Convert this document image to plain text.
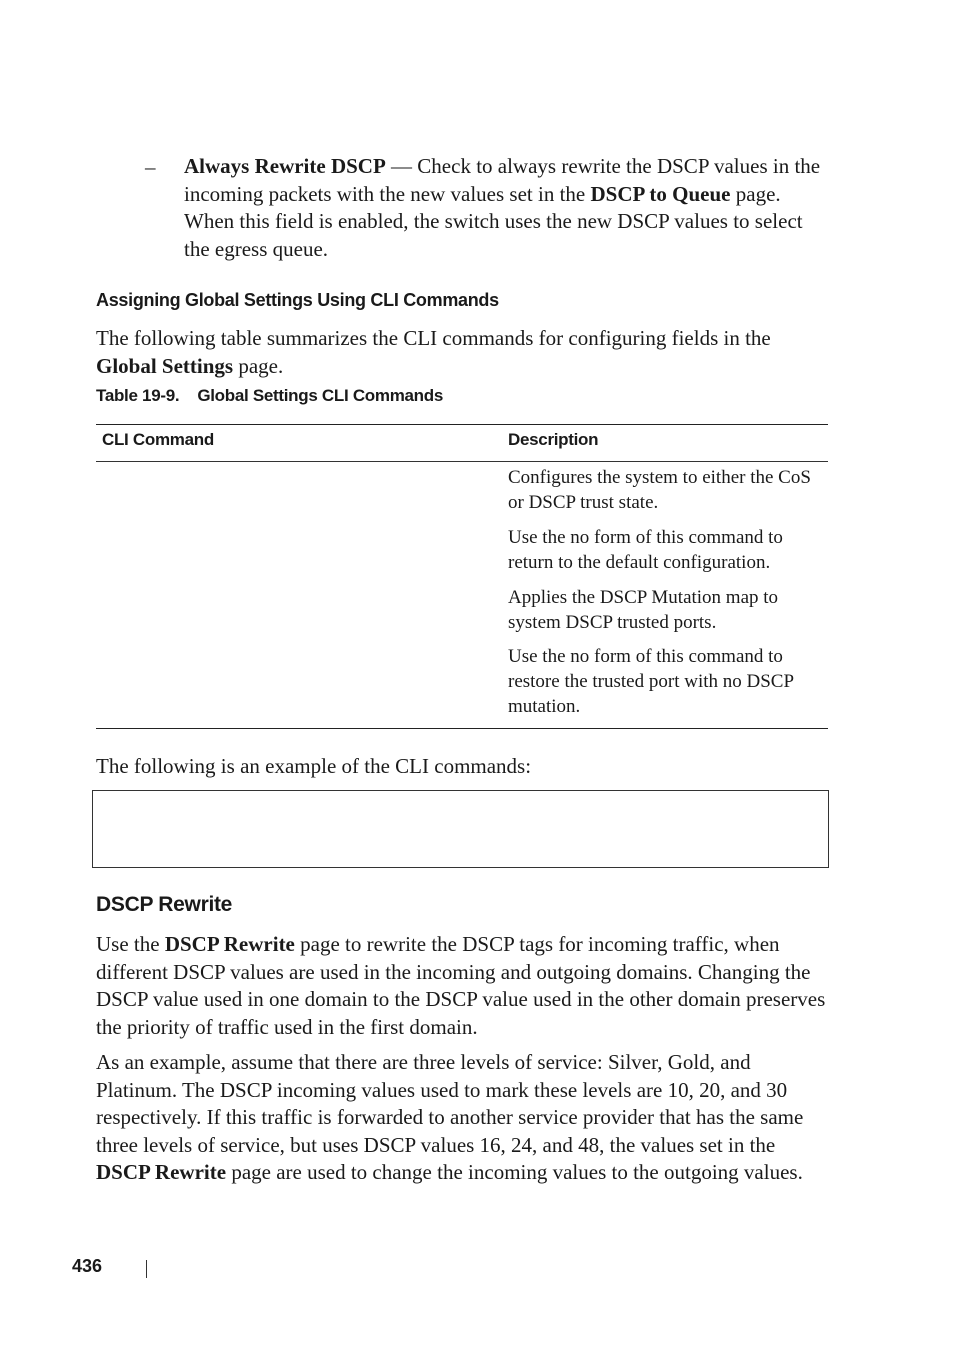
– Always Rewrite DSCP — Check to always rewrite the DSCP values in the incoming packets with the new values set in the DSCP to Queue page. When this field is enabled, the switch uses the new DSCP values to select the egress queue.
Assigning Global Settings Using CLI Commands
The following table summarizes the CLI commands for configuring fields in the Global Settings page.
Table 19-9. Global Settings CLI Commands
CLI Command	Description
Configures the system to either the CoS or DSCP trust state.
Use the no form of this command to return to the default configuration.
Applies the DSCP Mutation map to system DSCP trusted ports.
Use the no form of this command to restore the trusted port with no DSCP mutation.
The following is an example of the CLI commands:
DSCP Rewrite
Use the DSCP Rewrite page to rewrite the DSCP tags for incoming traffic, when different DSCP values are used in the incoming and outgoing domains. Changing the DSCP value used in one domain to the DSCP value used in the other domain preserves the priority of traffic used in the first domain.
As an example, assume that there are three levels of service: Silver, Gold, and Platinum. The DSCP incoming values used to mark these levels are 10, 20, and 30 respectively. If this traffic is forwarded to another service provider that has the same three levels of service, but uses DSCP values 16, 24, and 48, the values set in the DSCP Rewrite page are used to change the incoming values to the outgoing values.
436
